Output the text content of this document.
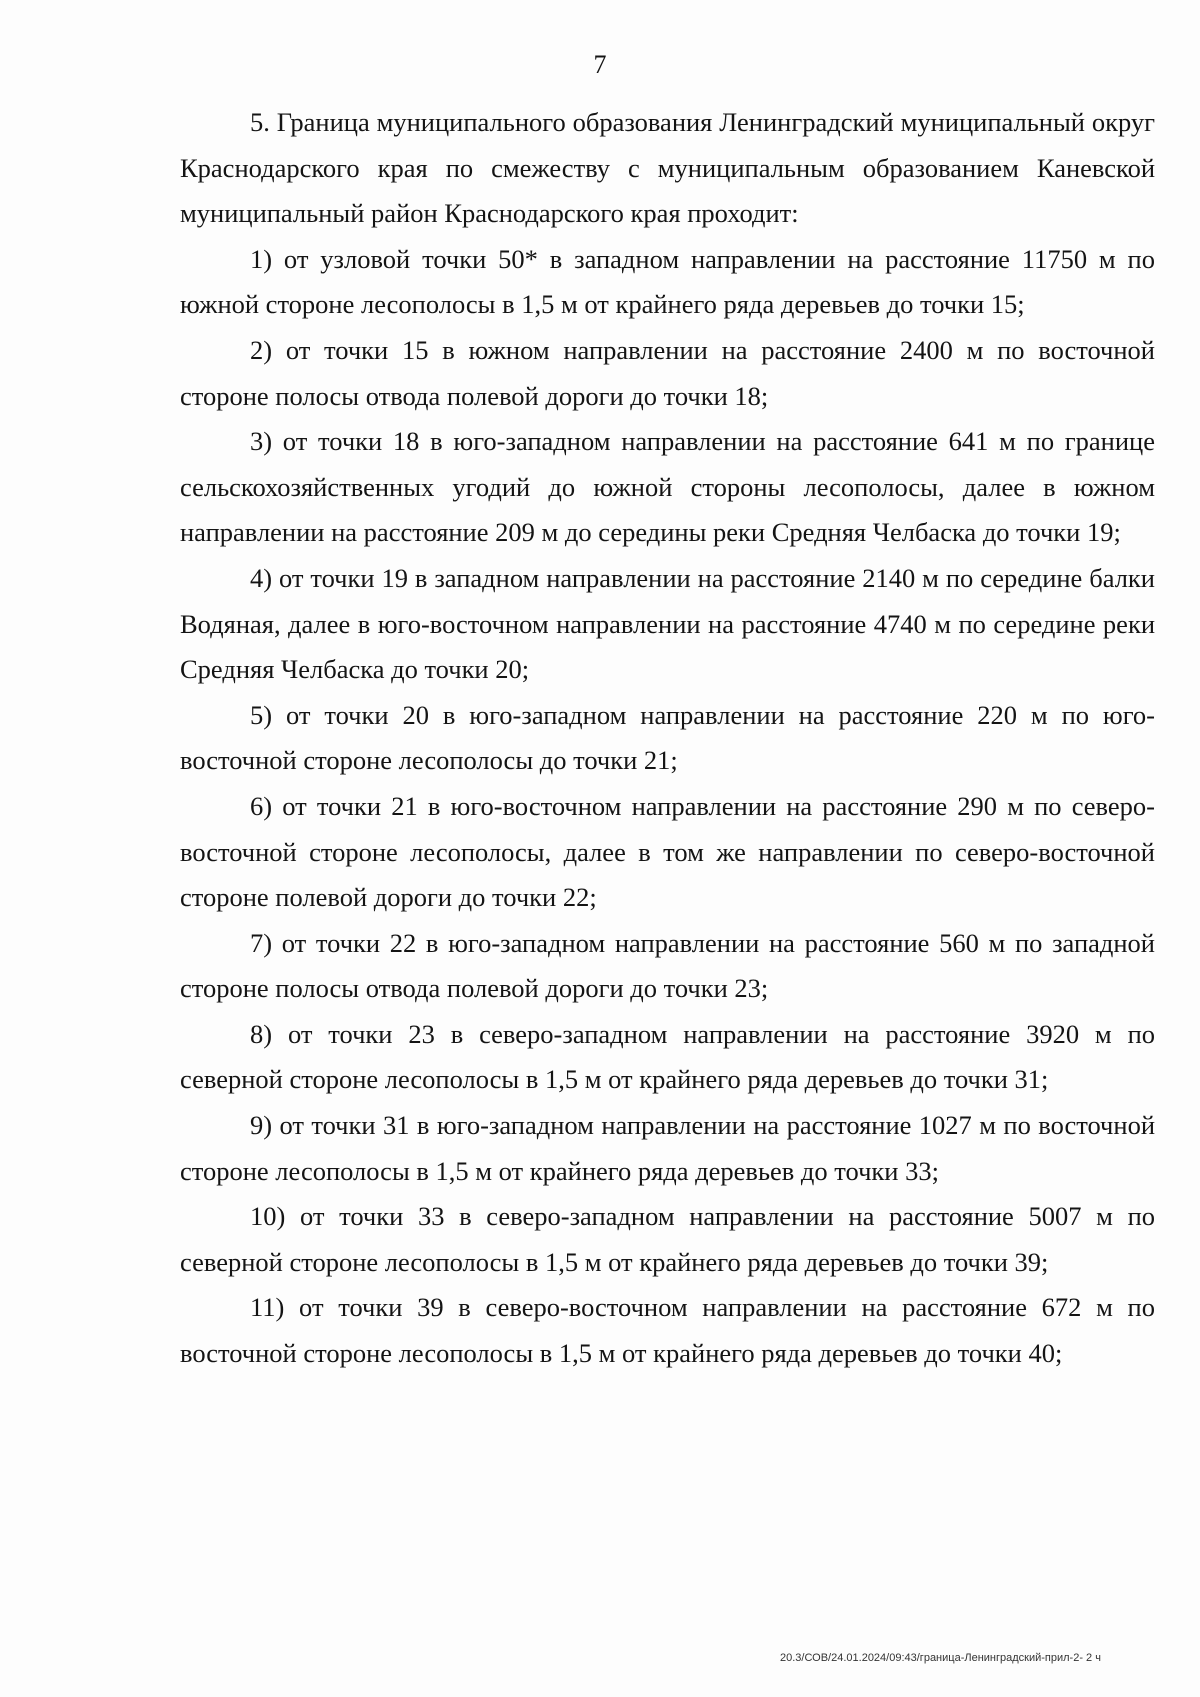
7

5. Граница муниципального образования Ленинградский муниципальный округ Краснодарского края по смежеству с муниципальным образованием Каневской муниципальный район Краснодарского края проходит:

1) от узловой точки 50* в западном направлении на расстояние 11750 м по южной стороне лесополосы в 1,5 м от крайнего ряда деревьев до точки 15;

2) от точки 15 в южном направлении на расстояние 2400 м по восточной стороне полосы отвода полевой дороги до точки 18;

3) от точки 18 в юго-западном направлении на расстояние 641 м по границе сельскохозяйственных угодий до южной стороны лесополосы, далее в южном направлении на расстояние 209 м до середины реки Средняя Челбаска до точки 19;

4) от точки 19 в западном направлении на расстояние 2140 м по середине балки Водяная, далее в юго-восточном направлении на расстояние 4740 м по середине реки Средняя Челбаска до точки 20;

5) от точки 20 в юго-западном направлении на расстояние 220 м по юго-восточной стороне лесополосы до точки 21;

6) от точки 21 в юго-восточном направлении на расстояние 290 м по северо-восточной стороне лесополосы, далее в том же направлении по северо-восточной стороне полевой дороги до точки 22;

7) от точки 22 в юго-западном направлении на расстояние 560 м по западной стороне полосы отвода полевой дороги до точки 23;

8) от точки 23 в северо-западном направлении на расстояние 3920 м по северной стороне лесополосы в 1,5 м от крайнего ряда деревьев до точки 31;

9) от точки 31 в юго-западном направлении на расстояние 1027 м по восточной стороне лесополосы в 1,5 м от крайнего ряда деревьев до точки 33;

10) от точки 33 в северо-западном направлении на расстояние 5007 м по северной стороне лесополосы в 1,5 м от крайнего ряда деревьев до точки 39;

11) от точки 39 в северо-восточном направлении на расстояние 672 м по восточной стороне лесополосы в 1,5 м от крайнего ряда деревьев до точки 40;

20.3/СОВ/24.01.2024/09:43/граница-Ленинградский-прил-2- 2 ч
